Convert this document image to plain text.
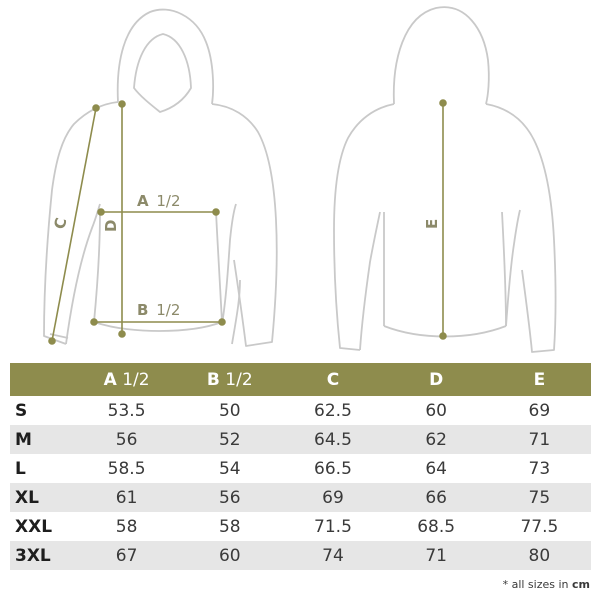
A 1/2
B 1/2
C D	E
	A 1/2	B 1/2	C	D	E
S	53.5	50	62.5	60	69
M	56	52	64.5	62	71
L	58.5	54	66.5	64	73
XL	61	56	69	66	75
XXL	58	58	71.5	68.5	77.5
3XL	67	60	74	71	80
* all sizes in cm
